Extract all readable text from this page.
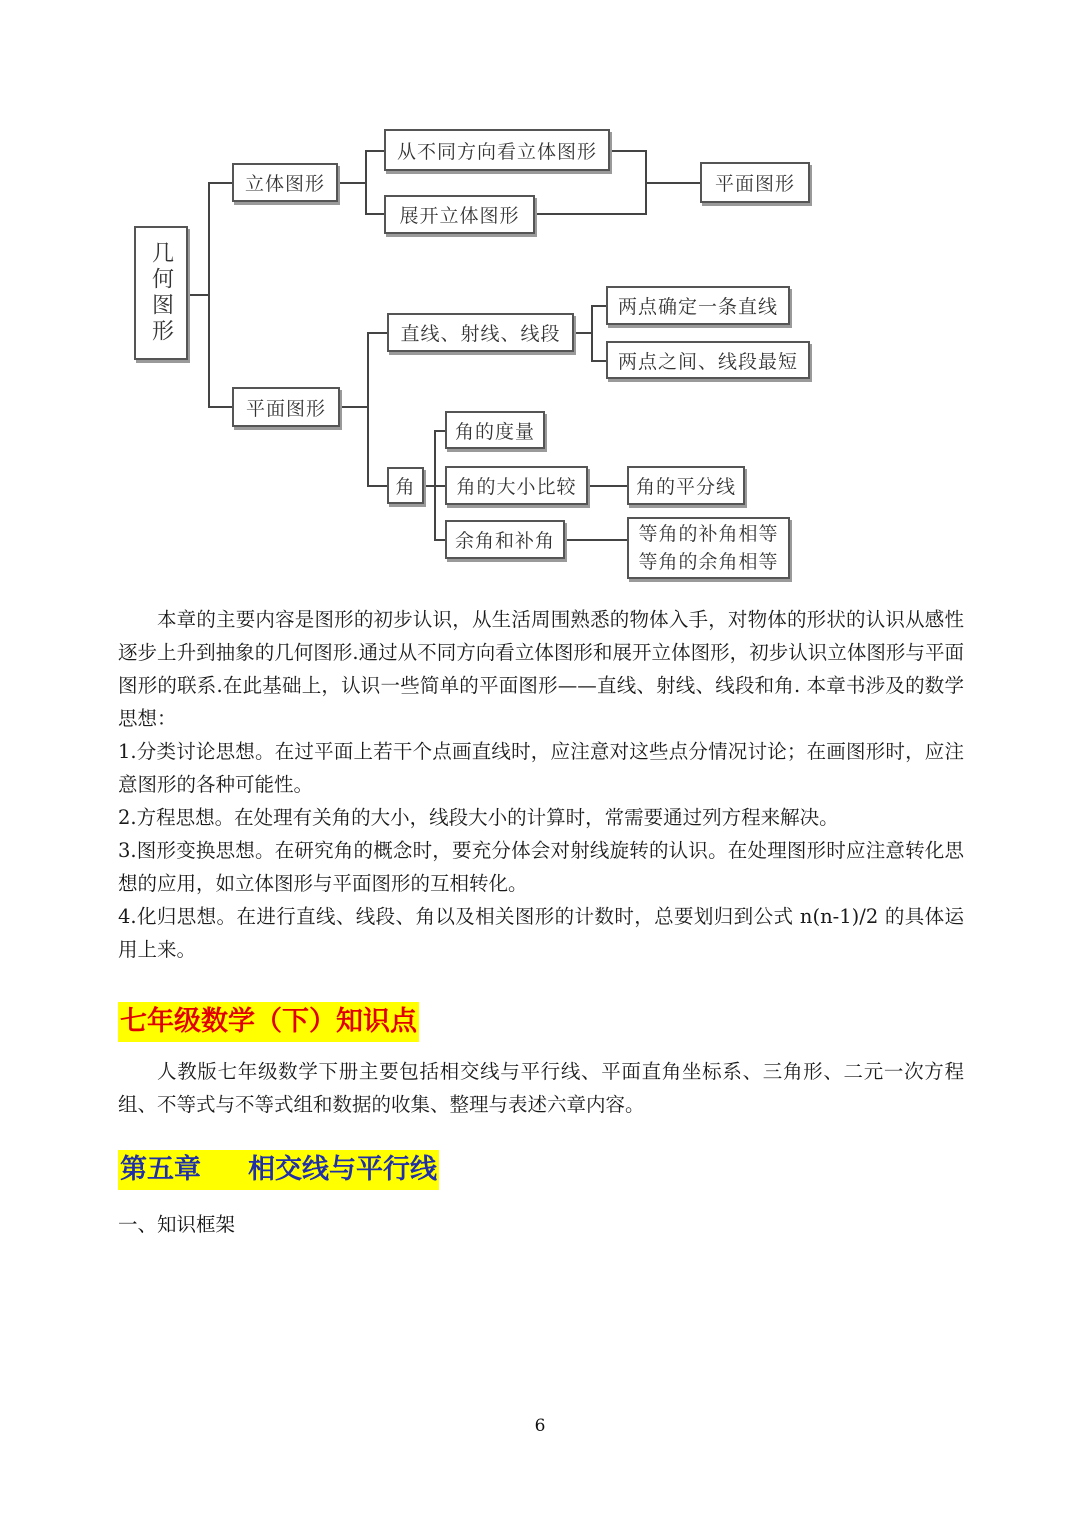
几何图形
立体图形
从不同方向看立体图形
展开立体图形
平面图形
平面图形
直线、射线、线段
两点确定一条直线
两点之间、线段最短
角
角的度量
角的大小比较	角的平分线
余角和补角	等角的补角相等
等角的余角相等

本章的主要内容是图形的初步认识，从生活周围熟悉的物体入手，对物体的形状的认识从感性逐步上升到抽象的几何图形.通过从不同方向看立体图形和展开立体图形，初步认识立体图形与平面图形的联系.在此基础上，认识一些简单的平面图形——直线、射线、线段和角. 本章书涉及的数学思想：

1.分类讨论思想。在过平面上若干个点画直线时，应注意对这些点分情况讨论；在画图形时，应注意图形的各种可能性。

2.方程思想。在处理有关角的大小，线段大小的计算时，常需要通过列方程来解决。

3.图形变换思想。在研究角的概念时，要充分体会对射线旋转的认识。在处理图形时应注意转化思想的应用，如立体图形与平面图形的互相转化。

4.化归思想。在进行直线、线段、角以及相关图形的计数时，总要划归到公式 n(n-1)/2 的具体运用上来。

七年级数学（下）知识点

人教版七年级数学下册主要包括相交线与平行线、平面直角坐标系、三角形、二元一次方程组、不等式与不等式组和数据的收集、整理与表述六章内容。

第五章     相交线与平行线
一、知识框架
6
